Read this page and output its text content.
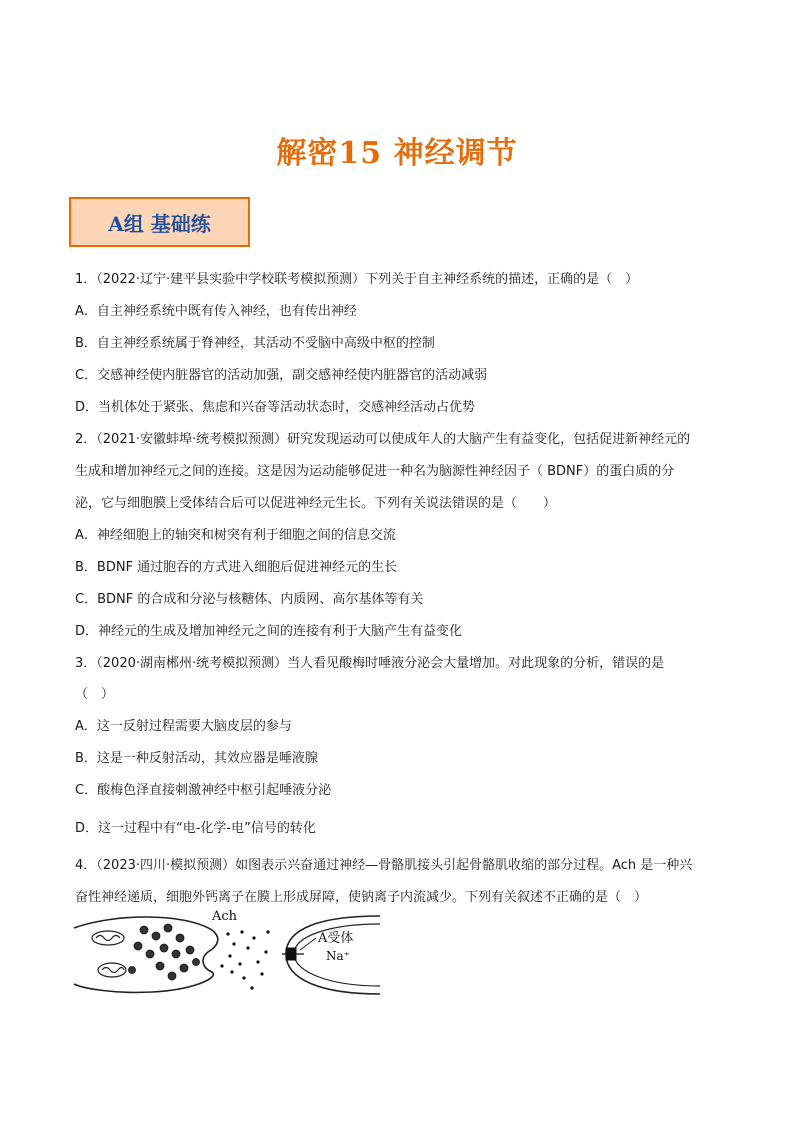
解密15 神经调节
A组 基础练
1．（2022·辽宁·建平县实验中学校联考模拟预测）下列关于自主神经系统的描述，正确的是（　）
A．自主神经系统中既有传入神经，也有传出神经
B．自主神经系统属于脊神经，其活动不受脑中高级中枢的控制
C．交感神经使内脏器官的活动加强，副交感神经使内脏器官的活动减弱
D．当机体处于紧张、焦虑和兴奋等活动状态时，交感神经活动占优势
2．（2021·安徽蚌埠·统考模拟预测）研究发现运动可以使成年人的大脑产生有益变化，包括促进新神经元的
生成和增加神经元之间的连接。这是因为运动能够促进一种名为脑源性神经因子（ BDNF）的蛋白质的分
泌，它与细胞膜上受体结合后可以促进神经元生长。下列有关说法错误的是（　　）
A．神经细胞上的轴突和树突有利于细胞之间的信息交流
B．BDNF 通过胞吞的方式进入细胞后促进神经元的生长
C．BDNF 的合成和分泌与核糖体、内质网、高尔基体等有关
D．神经元的生成及增加神经元之间的连接有利于大脑产生有益变化
3．（2020·湖南郴州·统考模拟预测）当人看见酸梅时唾液分泌会大量增加。对此现象的分析，错误的是
（　）
A．这一反射过程需要大脑皮层的参与
B．这是一种反射活动，其效应器是唾液腺
C．酸梅色泽直接刺激神经中枢引起唾液分泌
D．这一过程中有“电-化学-电”信号的转化
4．（2023·四川·模拟预测）如图表示兴奋通过神经—骨骼肌接头引起骨骼肌收缩的部分过程。Ach 是一种兴
奋性神经递质，细胞外钙离子在膜上形成屏障，使钠离子内流减少。下列有关叙述不正确的是（　）
Ach
A受体
Na⁺
